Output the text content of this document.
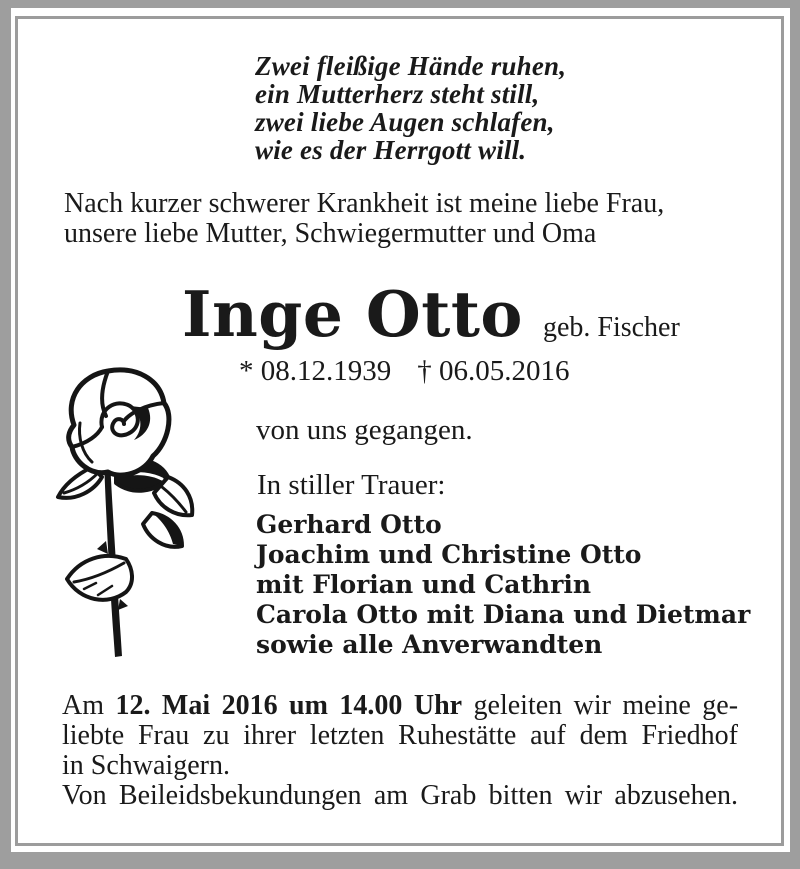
Zwei fleißige Hände ruhen,
ein Mutterherz steht still,
zwei liebe Augen schlafen,
wie es der Herrgott will.
Nach kurzer schwerer Krankheit ist meine liebe Frau,
unsere liebe Mutter, Schwiegermutter und Oma
Inge Otto geb. Fischer
* 08.12.1939 † 06.05.2016
von uns gegangen.
In stiller Trauer:
Gerhard Otto
Joachim und Christine Otto
mit Florian und Cathrin
Carola Otto mit Diana und Dietmar
sowie alle Anverwandten
Am 12. Mai 2016 um 14.00 Uhr geleiten wir meine ge-
liebte Frau zu ihrer letzten Ruhestätte auf dem Friedhof
in Schwaigern.
Von Beileidsbekundungen am Grab bitten wir abzusehen.
